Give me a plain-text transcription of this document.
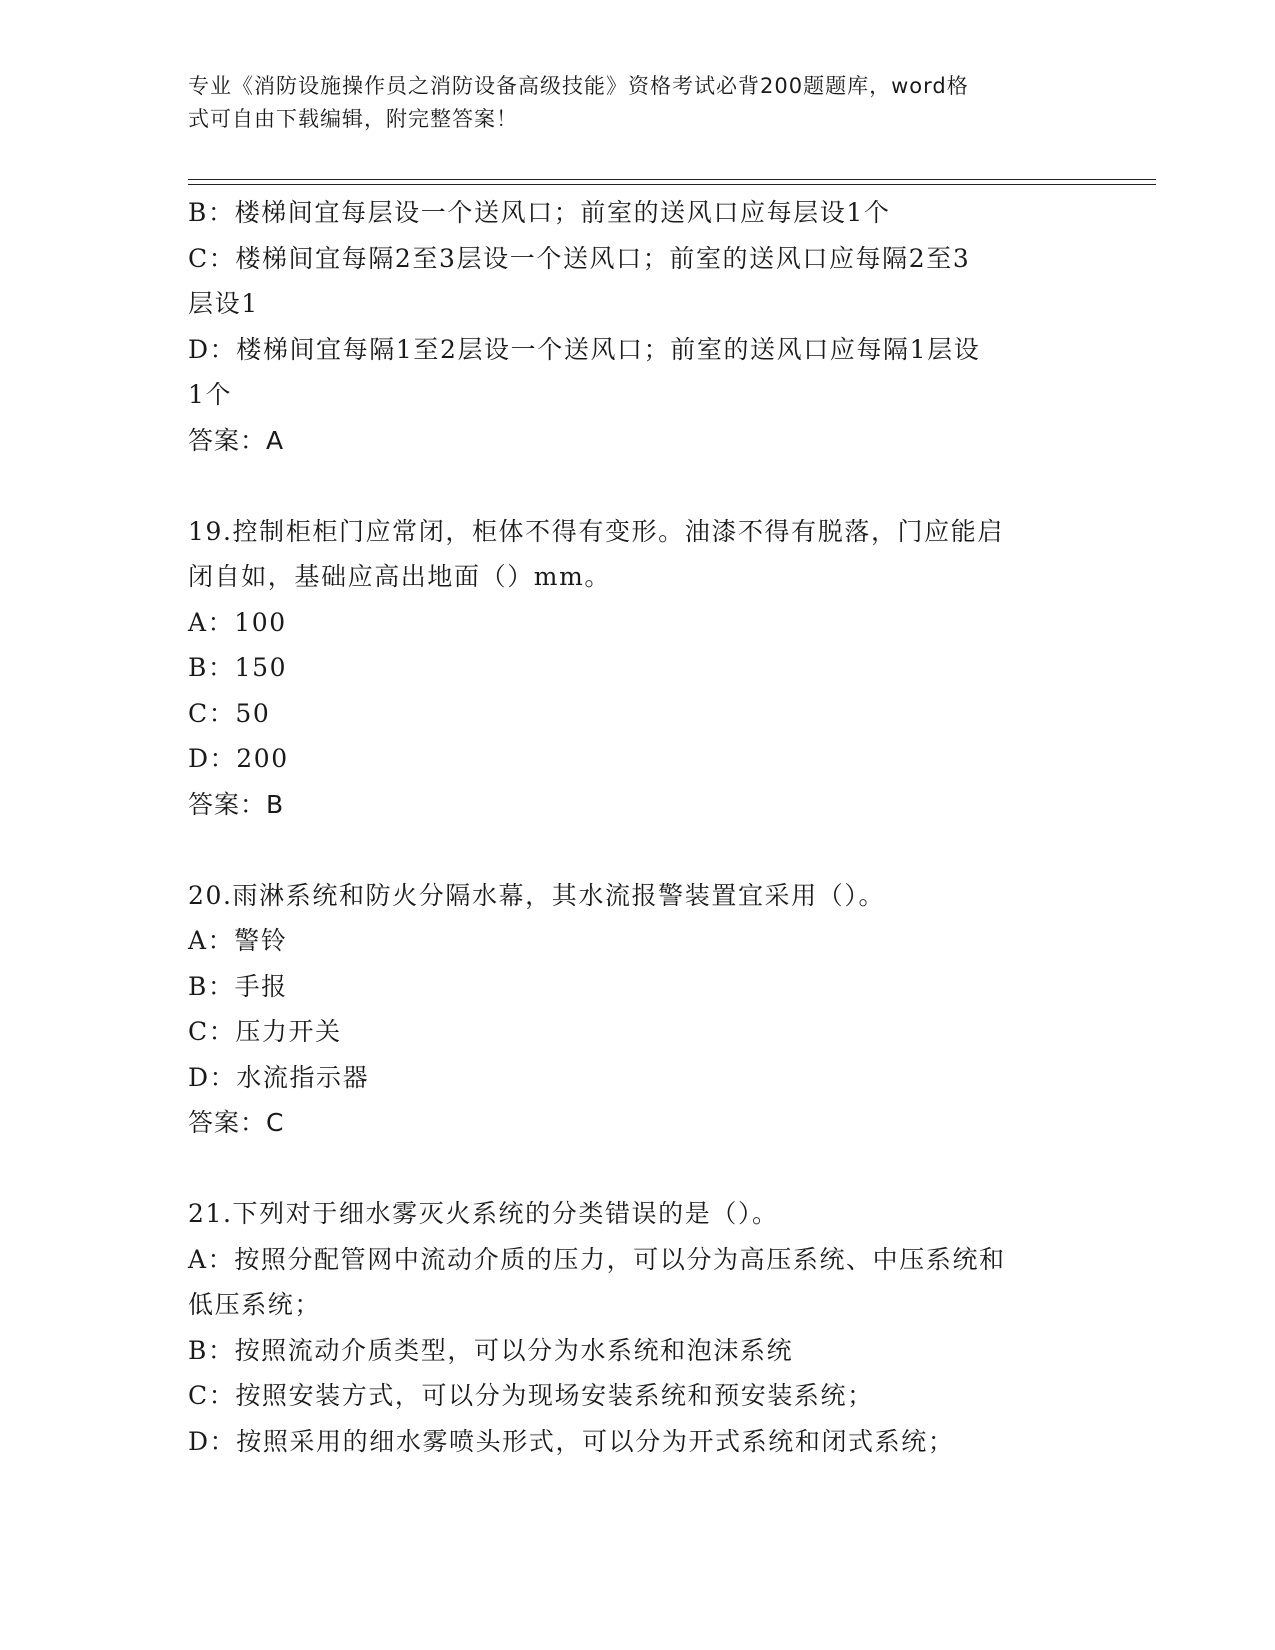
专业《消防设施操作员之消防设备高级技能》资格考试必背200题题库，word格
式可自由下载编辑，附完整答案！
B：楼梯间宜每层设一个送风口；前室的送风口应每层设1个
C：楼梯间宜每隔2至3层设一个送风口；前室的送风口应每隔2至3
层设1
D：楼梯间宜每隔1至2层设一个送风口；前室的送风口应每隔1层设
1个
答案：A
19.控制柜柜门应常闭，柜体不得有变形。油漆不得有脱落，门应能启
闭自如，基础应高出地面（）mm。
A：100
B：150
C：50
D：200
答案：B
20.雨淋系统和防火分隔水幕，其水流报警装置宜采用（）。
A：警铃
B：手报
C：压力开关
D：水流指示器
答案：C
21.下列对于细水雾灭火系统的分类错误的是（）。
A：按照分配管网中流动介质的压力，可以分为高压系统、中压系统和
低压系统；
B：按照流动介质类型，可以分为水系统和泡沫系统
C：按照安装方式，可以分为现场安装系统和预安装系统；
D：按照采用的细水雾喷头形式，可以分为开式系统和闭式系统；
